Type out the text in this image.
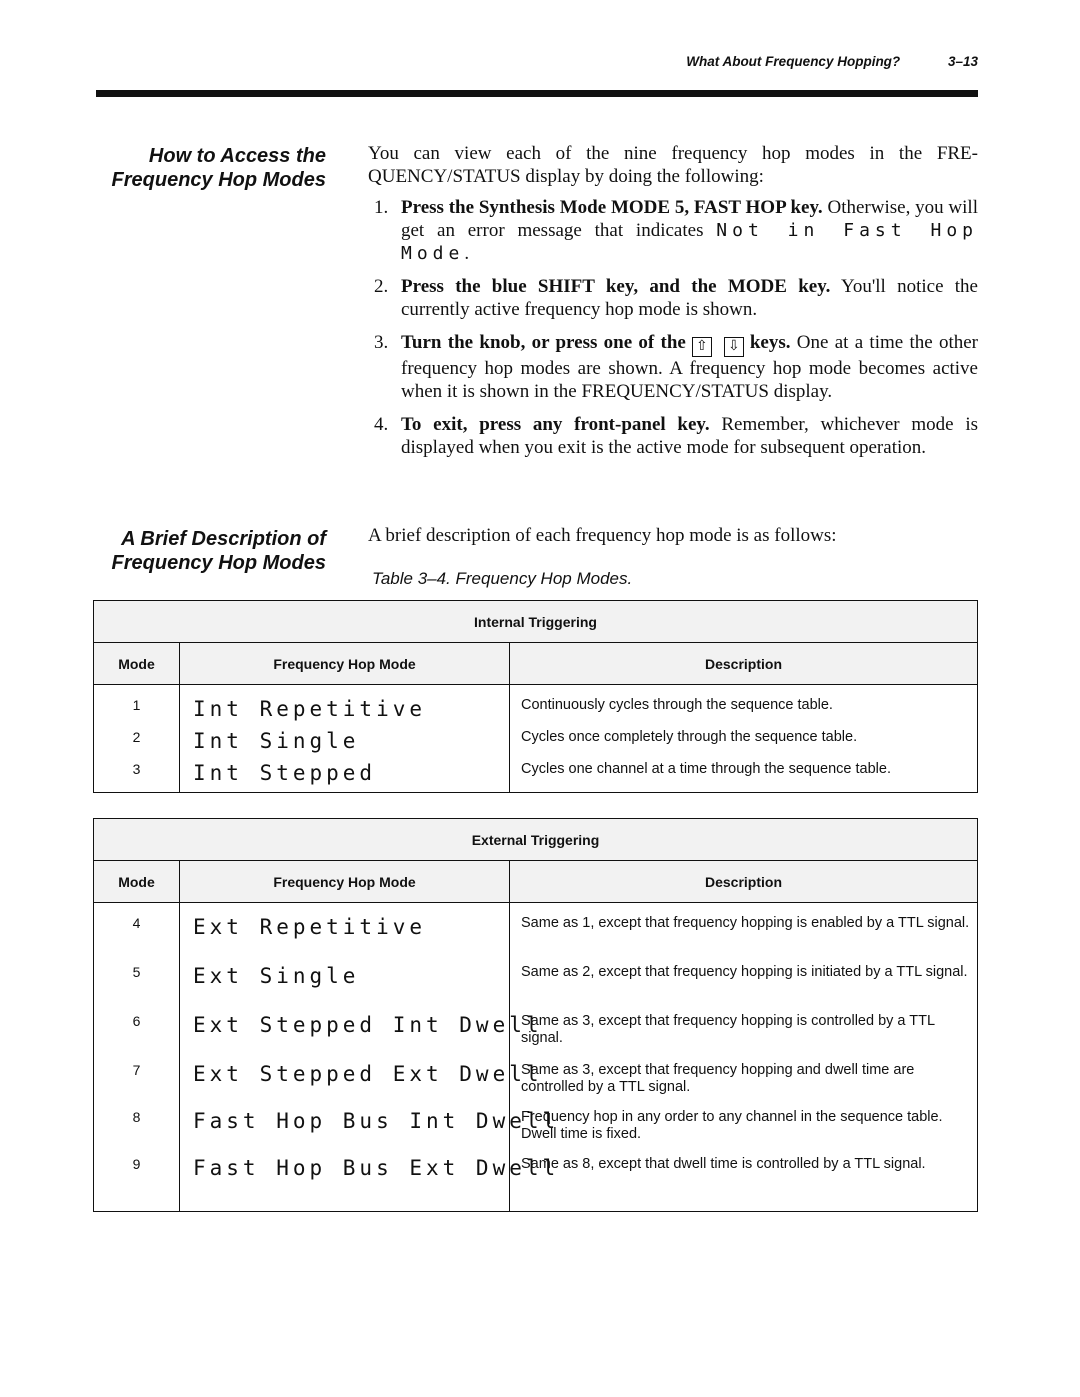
What About Frequency Hopping?	3–13
How to Access the
Frequency Hop Modes
You can view each of the nine frequency hop modes in the FRE-QUENCY/STATUS display by doing the following:
1. Press the Synthesis Mode MODE 5, FAST HOP key. Otherwise, you will get an error message that indicates Not in Fast Hop Mode.
2. Press the blue SHIFT key, and the MODE key. You'll notice the currently active frequency hop mode is shown.
3. Turn the knob, or press one of the ⇧ ⇩ keys. One at a time the other frequency hop modes are shown. A frequency hop mode becomes active when it is shown in the FREQUENCY/STATUS display.
4. To exit, press any front-panel key. Remember, whichever mode is displayed when you exit is the active mode for subsequent operation.
A Brief Description of
Frequency Hop Modes
A brief description of each frequency hop mode is as follows:
Table 3–4. Frequency Hop Modes.
Internal Triggering		
Mode	Frequency Hop Mode	Description
1	Int Repetitive	Continuously cycles through the sequence table.
2	Int Single	Cycles once completely through the sequence table.
3	Int Stepped	Cycles one channel at a time through the sequence table.
External Triggering		
Mode	Frequency Hop Mode	Description
4	Ext Repetitive	Same as 1, except that frequency hopping is enabled by a TTL signal.
5	Ext Single	Same as 2, except that frequency hopping is initiated by a TTL signal.
6	Ext Stepped Int Dwell	Same as 3, except that frequency hopping is controlled by a TTL signal.
7	Ext Stepped Ext Dwell	Same as 3, except that frequency hopping and dwell time are controlled by a TTL signal.
8	Fast Hop Bus Int Dwell	Frequency hop in any order to any channel in the sequence table. Dwell time is fixed.
9	Fast Hop Bus Ext Dwell	Same as 8, except that dwell time is controlled by a TTL signal.
